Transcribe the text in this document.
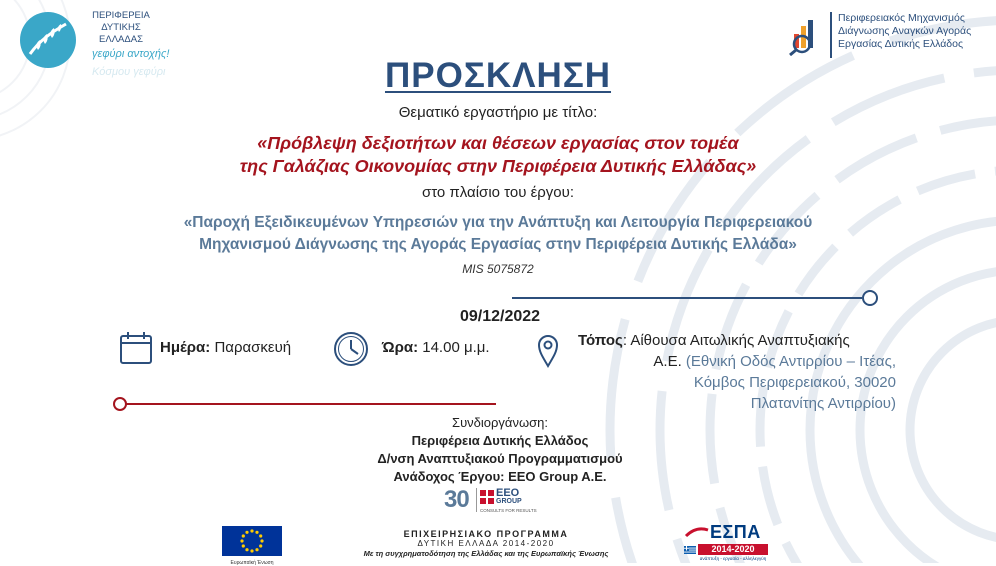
ΠΕΡΙΦΕΡΕΙΑ
ΔΥΤΙΚΗΣ
ΕΛΛΑΔΑΣ
γεφύρι αντοχής!
Κόσμου γεφύρι
Περιφερειακός Μηχανισμός
Διάγνωσης Αναγκών Αγοράς
Εργασίας Δυτικής Ελλάδος
ΠΡΟΣΚΛΗΣΗ
Θεματικό εργαστήριο με τίτλο:
«Πρόβλεψη δεξιοτήτων και θέσεων εργασίας στον τομέα
της Γαλάζιας Οικονομίας στην Περιφέρεια Δυτικής Ελλάδας»
στο πλαίσιο του έργου:
«Παροχή Εξειδικευμένων Υπηρεσιών για την Ανάπτυξη και Λειτουργία Περιφερειακού
Μηχανισμού Διάγνωσης της Αγοράς Εργασίας στην Περιφέρεια Δυτικής Ελλάδα»
MIS 5075872
09/12/2022
Ημέρα: Παρασκευή	Ώρα: 14.00 μ.μ.	Τόπος: Αίθουσα Αιτωλικής Αναπτυξιακής
Α.Ε. (Εθνική Οδός Αντιρρίου – Ιτέας,
Κόμβος Περιφερειακού, 30020
Πλατανίτης Αντιρρίου)
Συνδιοργάνωση:
Περιφέρεια Δυτικής Ελλάδος
Δ/νση Αναπτυξιακού Προγραμματισμού
Ανάδοχος Έργου: EEO Group A.E.
30 EEO
GROUP
CONSULTS FOR RESULTS
Ευρωπαϊκή Ένωση
ΕΠΙΧΕΙΡΗΣΙΑΚΟ ΠΡΟΓΡΑΜΜΑ
ΔΥΤΙΚΗ ΕΛΛΑΔΑ 2014-2020
Με τη συγχρηματοδότηση της Ελλάδας και της Ευρωπαϊκής Ένωσης
ΕΣΠΑ
2014-2020
ανάπτυξη - εργασία - αλληλεγγύη
